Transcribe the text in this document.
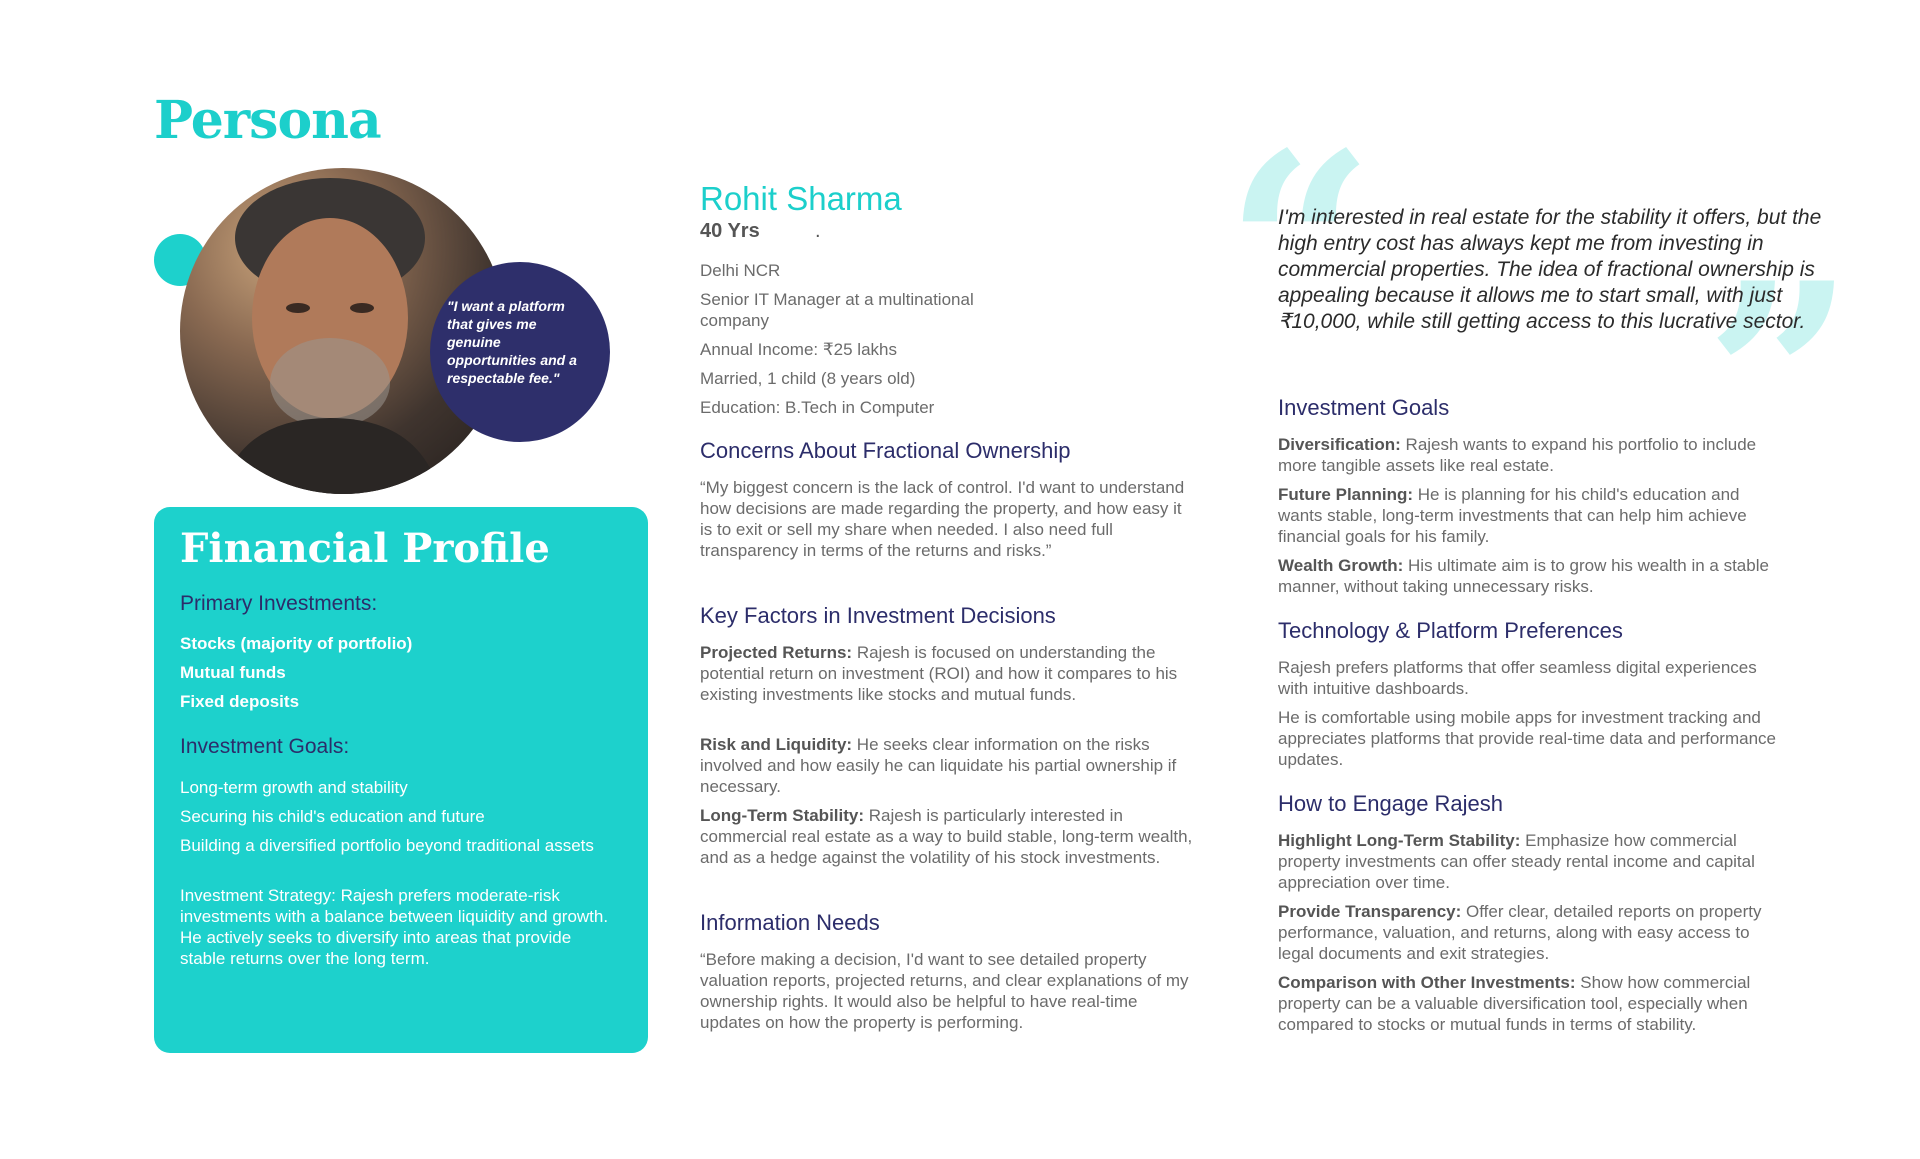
Persona
"I want a platform that gives me genuine opportunities and a respectable fee."
Financial Profile
Primary Investments:
Stocks (majority of portfolio)
Mutual funds
Fixed deposits
Investment Goals:
Long-term growth and stability
Securing his child's education and future
Building a diversified portfolio beyond traditional assets
Investment Strategy: Rajesh prefers moderate-risk investments with a balance between liquidity and growth. He actively seeks to diversify into areas that provide stable returns over the long term.
Rohit Sharma
40 Yrs	.
Delhi NCR
Senior IT Manager at a multinational company
Annual Income: ₹25 lakhs
Married, 1 child (8 years old)
Education: B.Tech in Computer
Concerns About Fractional Ownership
“My biggest concern is the lack of control. I'd want to understand how decisions are made regarding the property, and how easy it is to exit or sell my share when needed. I also need full transparency in terms of the returns and risks.”
Key Factors in Investment Decisions
Projected Returns: Rajesh is focused on understanding the potential return on investment (ROI) and how it compares to his existing investments like stocks and mutual funds.
Risk and Liquidity: He seeks clear information on the risks involved and how easily he can liquidate his partial ownership if necessary.
Long-Term Stability: Rajesh is particularly interested in commercial real estate as a way to build stable, long-term wealth, and as a hedge against the volatility of his stock investments.
Information Needs
“Before making a decision, I'd want to see detailed property valuation reports, projected returns, and clear explanations of my ownership rights. It would also be helpful to have real-time updates on how the property is performing.
“ ”
I'm interested in real estate for the stability it offers, but the high entry cost has always kept me from investing in commercial properties. The idea of fractional ownership is appealing because it allows me to start small, with just ₹10,000, while still getting access to this lucrative sector.
Investment Goals
Diversification: Rajesh wants to expand his portfolio to include more tangible assets like real estate.
Future Planning: He is planning for his child's education and wants stable, long-term investments that can help him achieve financial goals for his family.
Wealth Growth: His ultimate aim is to grow his wealth in a stable manner, without taking unnecessary risks.
Technology & Platform Preferences
Rajesh prefers platforms that offer seamless digital experiences with intuitive dashboards.
He is comfortable using mobile apps for investment tracking and appreciates platforms that provide real-time data and performance updates.
How to Engage Rajesh
Highlight Long-Term Stability: Emphasize how commercial property investments can offer steady rental income and capital appreciation over time.
Provide Transparency: Offer clear, detailed reports on property performance, valuation, and returns, along with easy access to legal documents and exit strategies.
Comparison with Other Investments: Show how commercial property can be a valuable diversification tool, especially when compared to stocks or mutual funds in terms of stability.
